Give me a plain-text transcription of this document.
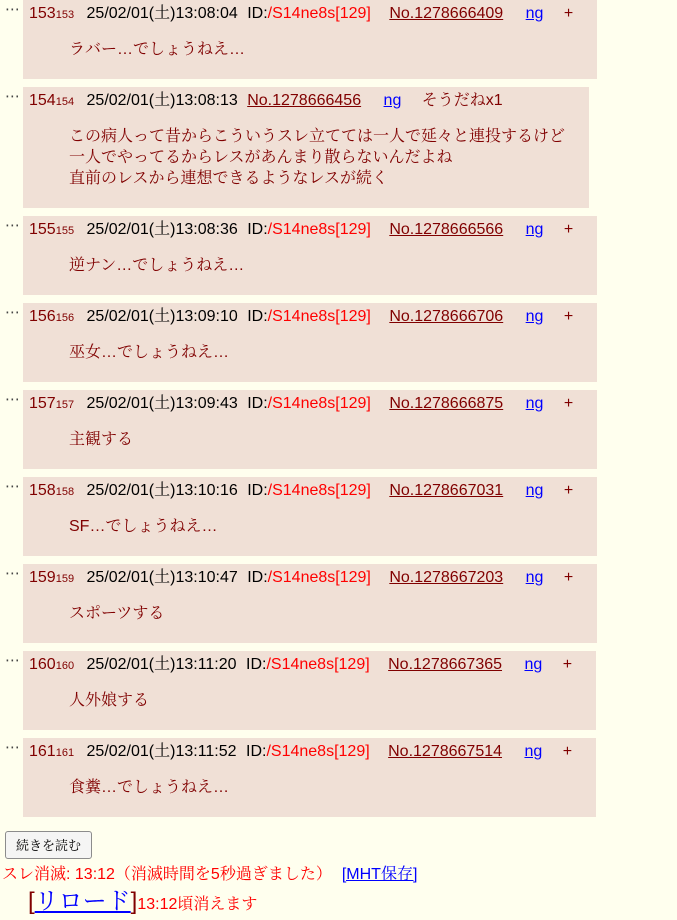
⋯ 153153 25/02/01(土)13:08:04 ID:/S14ne8s[129] No.1278666409 ng +
ラバー…でしょうねえ…
⋯ 154154 25/02/01(土)13:08:13 No.1278666456 ng そうだねx1
この病人って昔からこういうスレ立てては一人で延々と連投するけど
一人でやってるからレスがあんまり散らないんだよね
直前のレスから連想できるようなレスが続く
⋯ 155155 25/02/01(土)13:08:36 ID:/S14ne8s[129] No.1278666566 ng +
逆ナン…でしょうねえ…
⋯ 156156 25/02/01(土)13:09:10 ID:/S14ne8s[129] No.1278666706 ng +
巫女…でしょうねえ…
⋯ 157157 25/02/01(土)13:09:43 ID:/S14ne8s[129] No.1278666875 ng +
主観する
⋯ 158158 25/02/01(土)13:10:16 ID:/S14ne8s[129] No.1278667031 ng +
SF…でしょうねえ…
⋯ 159159 25/02/01(土)13:10:47 ID:/S14ne8s[129] No.1278667203 ng +
スポーツする
⋯ 160160 25/02/01(土)13:11:20 ID:/S14ne8s[129] No.1278667365 ng +
人外娘する
⋯ 161161 25/02/01(土)13:11:52 ID:/S14ne8s[129] No.1278667514 ng +
食糞…でしょうねえ…
続きを読む
スレ消滅: 13:12（消滅時間を5秒過ぎました） [MHT保存]
[リロード]13:12頃消えます
